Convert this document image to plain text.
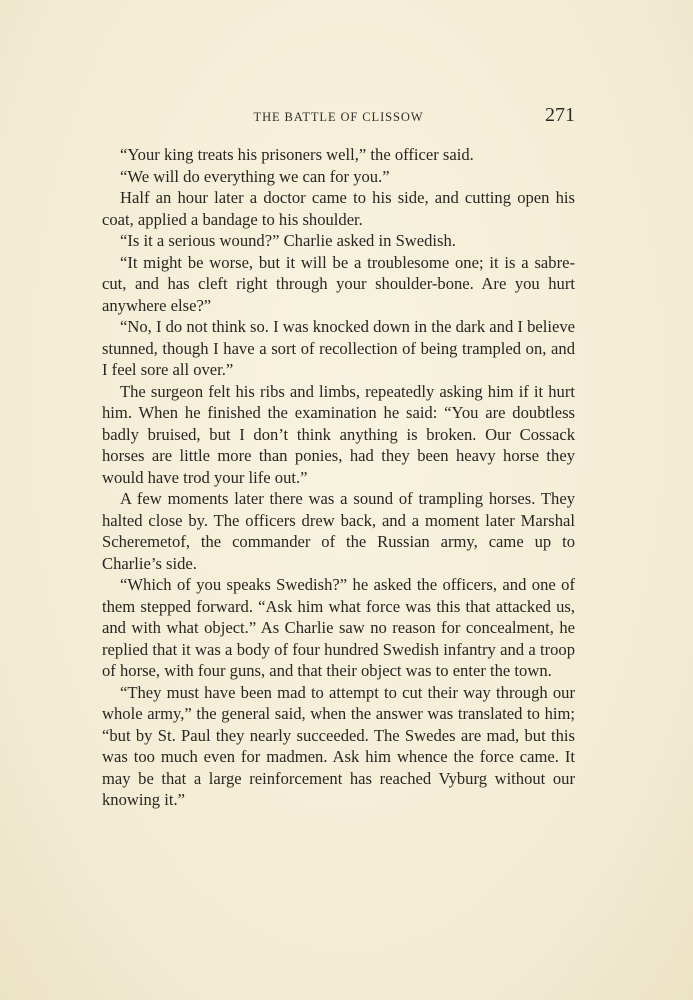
THE BATTLE OF CLISSOW	271

“Your king treats his prisoners well,” the officer said.

“We will do everything we can for you.”

Half an hour later a doctor came to his side, and cutting open his coat, applied a bandage to his shoulder.

“Is it a serious wound?” Charlie asked in Swedish.

“It might be worse, but it will be a troublesome one; it is a sabre-cut, and has cleft right through your shoulder-bone. Are you hurt anywhere else?”

“No, I do not think so. I was knocked down in the dark and I believe stunned, though I have a sort of recollection of being trampled on, and I feel sore all over.”

The surgeon felt his ribs and limbs, repeatedly asking him if it hurt him. When he finished the examination he said: “You are doubtless badly bruised, but I don’t think anything is broken. Our Cossack horses are little more than ponies, had they been heavy horse they would have trod your life out.”

A few moments later there was a sound of trampling horses. They halted close by. The officers drew back, and a moment later Marshal Scheremetof, the commander of the Russian army, came up to Charlie’s side.

“Which of you speaks Swedish?” he asked the officers, and one of them stepped forward. “Ask him what force was this that attacked us, and with what object.” As Charlie saw no reason for concealment, he replied that it was a body of four hundred Swedish infantry and a troop of horse, with four guns, and that their object was to enter the town.

“They must have been mad to attempt to cut their way through our whole army,” the general said, when the answer was translated to him; “but by St. Paul they nearly succeeded. The Swedes are mad, but this was too much even for madmen. Ask him whence the force came. It may be that a large reinforcement has reached Vyburg without our knowing it.”
